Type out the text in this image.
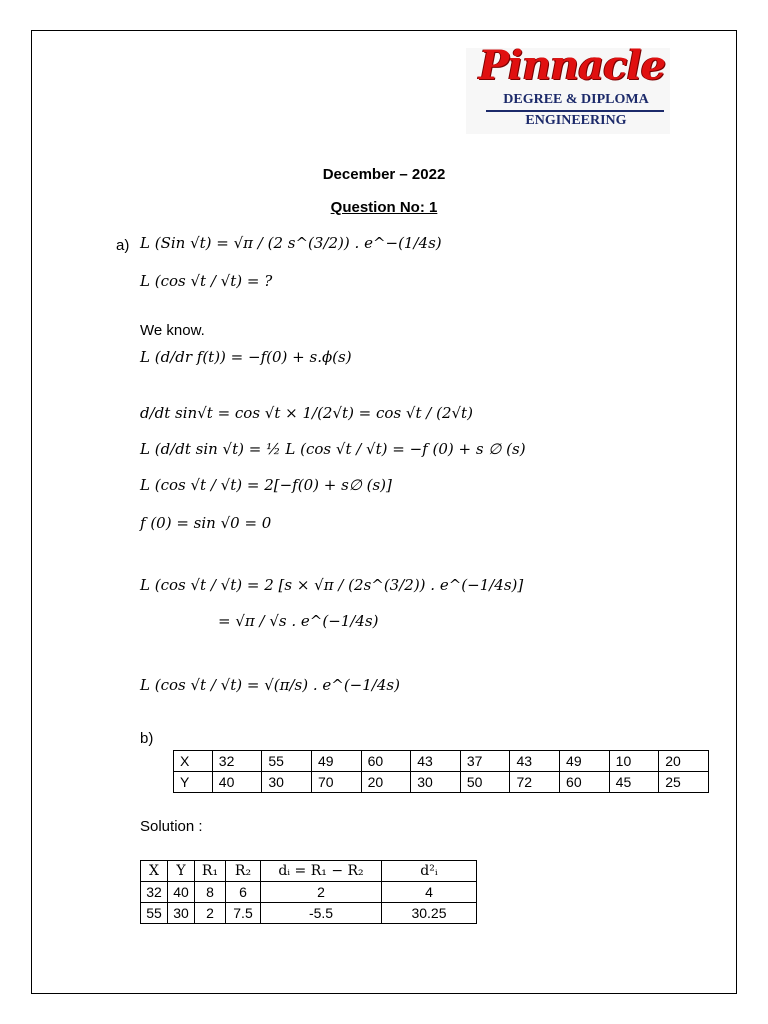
Pinnacle
DEGREE & DIPLOMA
ENGINEERING
December – 2022
Question No: 1
a) L (Sin √t) = √π / (2 s^(3/2)) . e^−(1/4s)
L (cos √t / √t) = ?
We know.
L (d/dr f(t)) = −f(0) + s.ϕ(s)
d/dt sin√t = cos √t × 1/(2√t) = cos √t / (2√t)
L (d/dt sin √t) = ½ L (cos √t / √t) = −f (0) + s ∅ (s)
L (cos √t / √t) = 2[−f(0) + s∅ (s)]
f (0) = sin √0 = 0
L (cos √t / √t) = 2 [s × √π / (2s^(3/2)) . e^(−1/4s)]
= √π / √s . e^(−1/4s)
L (cos √t / √t) = √(π/s) . e^(−1/4s)
b)
X	32	55	49	60	43	37	43	49	10	20
Y	40	30	70	20	30	50	72	60	45	25
Solution :
X	Y	R₁	R₂	dᵢ = R₁ − R₂	d²ᵢ
32	40	8	6	2	4
55	30	2	7.5	-5.5	30.25
